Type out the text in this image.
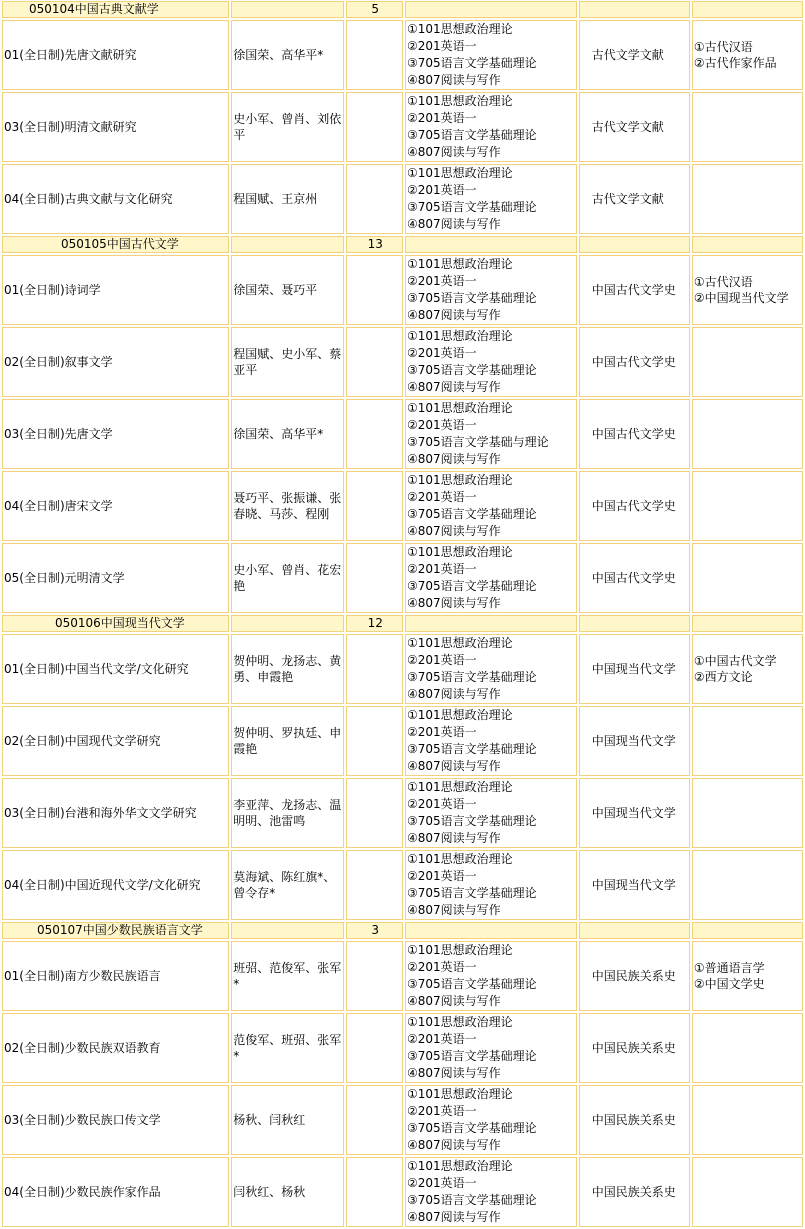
050104中国古典文献学		5			
01(全日制)先唐文献研究	徐国荣、高华平*		①101思想政治理论
②201英语一
③705语言文学基础理论
④807阅读与写作	古代文学文献	①古代汉语
②古代作家作品

03(全日制)明清文献研究	史小军、曾肖、刘依平		①101思想政治理论
②201英语一
③705语言文学基础理论
④807阅读与写作	古代文学文献	
04(全日制)古典文献与文化研究	程国赋、王京州		①101思想政治理论
②201英语一
③705语言文学基础理论
④807阅读与写作	古代文学文献	
050105中国古代文学		13			
01(全日制)诗词学	徐国荣、聂巧平		①101思想政治理论
②201英语一
③705语言文学基础理论
④807阅读与写作	中国古代文学史	①古代汉语
②中国现当代文学

02(全日制)叙事文学	程国赋、史小军、蔡亚平		①101思想政治理论
②201英语一
③705语言文学基础理论
④807阅读与写作	中国古代文学史	
03(全日制)先唐文学	徐国荣、高华平*		①101思想政治理论
②201英语一
③705语言文学基础与理论
④807阅读与写作	中国古代文学史	
04(全日制)唐宋文学	聂巧平、张振谦、张春晓、马莎、程刚		①101思想政治理论
②201英语一
③705语言文学基础理论
④807阅读与写作	中国古代文学史	
05(全日制)元明清文学	史小军、曾肖、花宏艳		①101思想政治理论
②201英语一
③705语言文学基础理论
④807阅读与写作	中国古代文学史	
050106中国现当代文学		12			
01(全日制)中国当代文学/文化研究	贺仲明、龙扬志、黄勇、申霞艳		①101思想政治理论
②201英语一
③705语言文学基础理论
④807阅读与写作	中国现当代文学	①中国古代文学
②西方文论

02(全日制)中国现代文学研究	贺仲明、罗执廷、申霞艳		①101思想政治理论
②201英语一
③705语言文学基础理论
④807阅读与写作	中国现当代文学	
03(全日制)台港和海外华文文学研究	李亚萍、龙扬志、温明明、池雷鸣		①101思想政治理论
②201英语一
③705语言文学基础理论
④807阅读与写作	中国现当代文学	
04(全日制)中国近现代文学/文化研究	莫海斌、陈红旗*、曾令存*		①101思想政治理论
②201英语一
③705语言文学基础理论
④807阅读与写作	中国现当代文学	
050107中国少数民族语言文学		3			
01(全日制)南方少数民族语言	班弨、范俊军、张军*		①101思想政治理论
②201英语一
③705语言文学基础理论
④807阅读与写作	中国民族关系史	①普通语言学
②中国文学史

02(全日制)少数民族双语教育	范俊军、班弨、张军*		①101思想政治理论
②201英语一
③705语言文学基础理论
④807阅读与写作	中国民族关系史	
03(全日制)少数民族口传文学	杨秋、闫秋红		①101思想政治理论
②201英语一
③705语言文学基础理论
④807阅读与写作	中国民族关系史	
04(全日制)少数民族作家作品	闫秋红、杨秋		①101思想政治理论
②201英语一
③705语言文学基础理论
④807阅读与写作	中国民族关系史	
